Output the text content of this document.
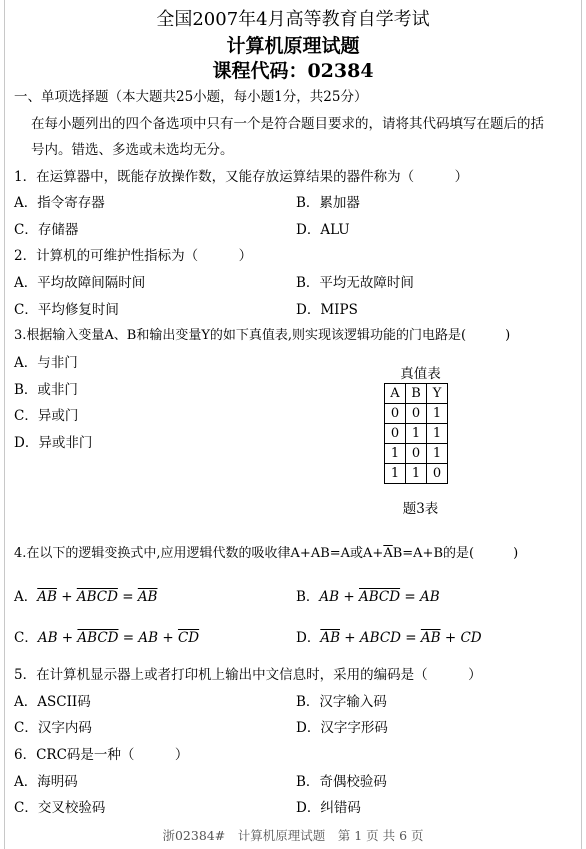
全国2007年4月高等教育自学考试
计算机原理试题
课程代码：02384
一、单项选择题（本大题共25小题，每小题1分，共25分）
在每小题列出的四个备选项中只有一个是符合题目要求的，请将其代码填写在题后的括
号内。错选、多选或未选均无分。
1．在运算器中，既能存放操作数，又能存放运算结果的器件称为（　　　）
A．指令寄存器	B．累加器
C．存储器	D．ALU
2．计算机的可维护性指标为（　　　）
A．平均故障间隔时间	B．平均无故障时间
C．平均修复时间	D．MIPS
3.根据输入变量A、B和输出变量Y的如下真值表,则实现该逻辑功能的门电路是(　　　)
A．与非门
B．或非门
C．异或门
D．异或非门
真值表
A	B	Y
0	0	1
0	1	1
1	0	1
1	1	0
题3表
4.在以下的逻辑变换式中,应用逻辑代数的吸收律A+AB=A或$A+\overline{A}B=A+B$的是(　　　)
A．$\overline{AB}$ + ABCD = $\overline{AB}$	B．AB + ABCD = AB
C．AB + ABCD = AB + $\overline{CD}$	D．$\overline{AB}$ + ABCD = $\overline{AB}$ + CD
5．在计算机显示器上或者打印机上输出中文信息时，采用的编码是（　　　）
A．ASCII码	B．汉字输入码
C．汉字内码	D．汉字字形码
6．CRC码是一种（　　　）
A．海明码	B．奇偶校验码
C．交叉校验码	D．纠错码
浙02384#　计算机原理试题　第 1 页 共 6 页
